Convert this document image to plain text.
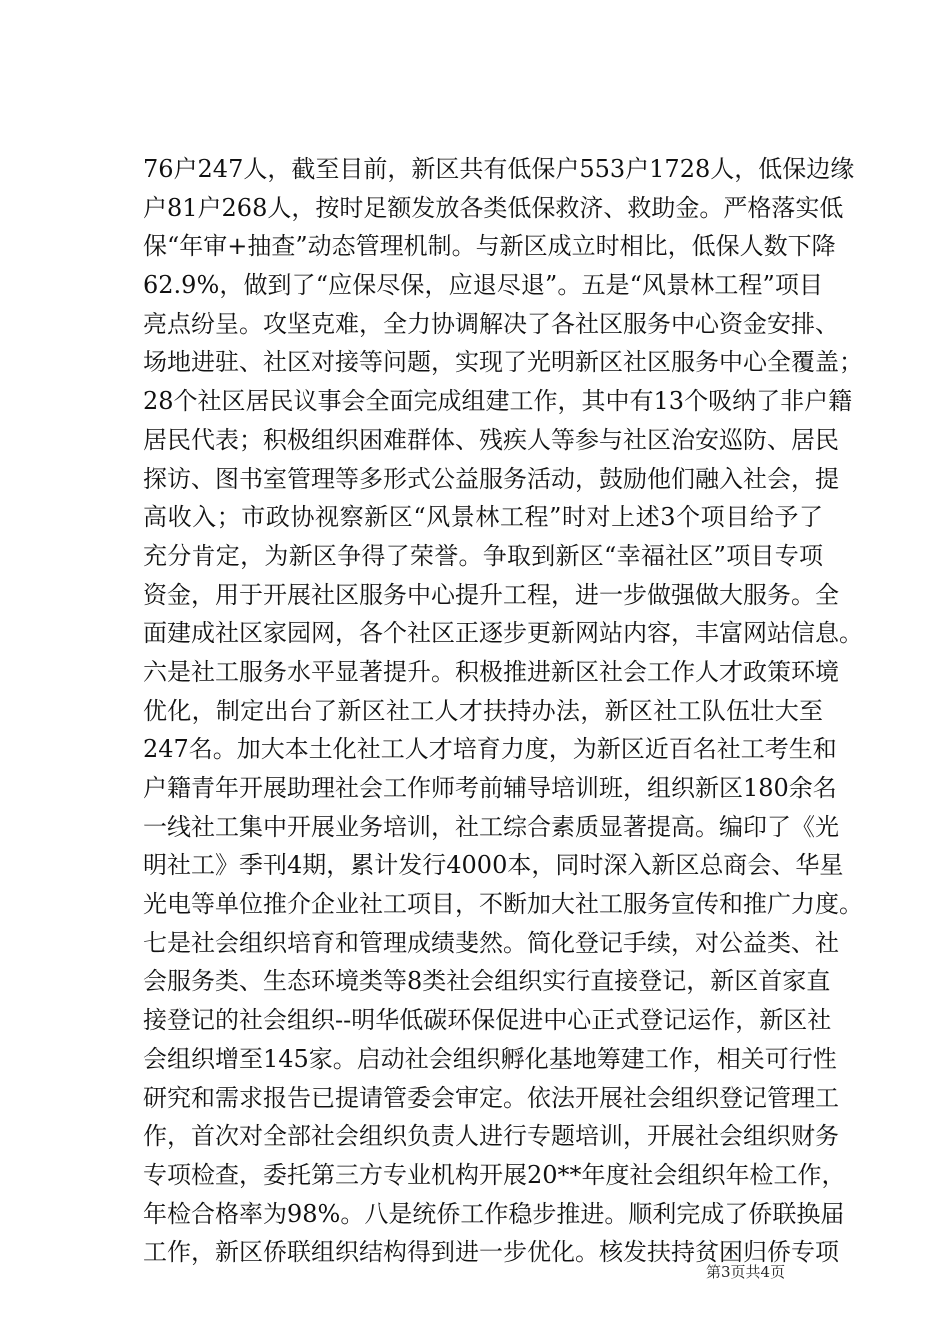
76户247人，截至目前，新区共有低保户553户1728人，低保边缘
户81户268人，按时足额发放各类低保救济、救助金。严格落实低
保“年审+抽查”动态管理机制。与新区成立时相比，低保人数下降
62.9%，做到了“应保尽保，应退尽退”。五是“风景林工程”项目
亮点纷呈。攻坚克难，全力协调解决了各社区服务中心资金安排、
场地进驻、社区对接等问题，实现了光明新区社区服务中心全覆盖；
28个社区居民议事会全面完成组建工作，其中有13个吸纳了非户籍
居民代表；积极组织困难群体、残疾人等参与社区治安巡防、居民
探访、图书室管理等多形式公益服务活动，鼓励他们融入社会，提
高收入；市政协视察新区“风景林工程”时对上述3个项目给予了
充分肯定，为新区争得了荣誉。争取到新区“幸福社区”项目专项
资金，用于开展社区服务中心提升工程，进一步做强做大服务。全
面建成社区家园网，各个社区正逐步更新网站内容，丰富网站信息。
六是社工服务水平显著提升。积极推进新区社会工作人才政策环境
优化，制定出台了新区社工人才扶持办法，新区社工队伍壮大至
247名。加大本土化社工人才培育力度，为新区近百名社工考生和
户籍青年开展助理社会工作师考前辅导培训班，组织新区180余名
一线社工集中开展业务培训，社工综合素质显著提高。编印了《光
明社工》季刊4期，累计发行4000本，同时深入新区总商会、华星
光电等单位推介企业社工项目，不断加大社工服务宣传和推广力度。
七是社会组织培育和管理成绩斐然。简化登记手续，对公益类、社
会服务类、生态环境类等8类社会组织实行直接登记，新区首家直
接登记的社会组织--明华低碳环保促进中心正式登记运作，新区社
会组织增至145家。启动社会组织孵化基地筹建工作，相关可行性
研究和需求报告已提请管委会审定。依法开展社会组织登记管理工
作，首次对全部社会组织负责人进行专题培训，开展社会组织财务
专项检查，委托第三方专业机构开展20**年度社会组织年检工作，
年检合格率为98%。八是统侨工作稳步推进。顺利完成了侨联换届
工作，新区侨联组织结构得到进一步优化。核发扶持贫困归侨专项
第3页共4页
